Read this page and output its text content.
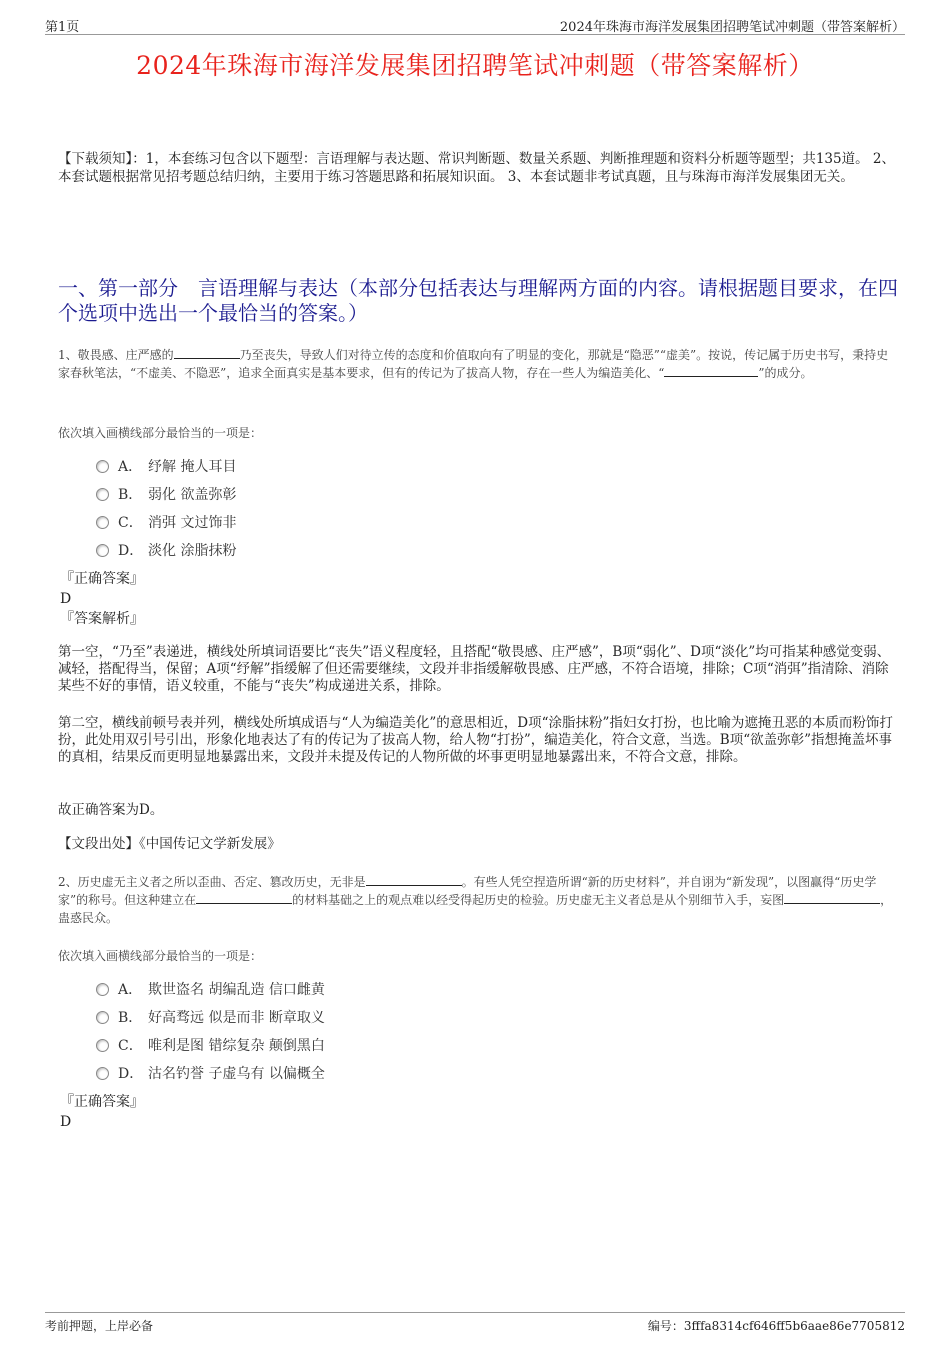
第1页	2024年珠海市海洋发展集团招聘笔试冲刺题（带答案解析）
2024年珠海市海洋发展集团招聘笔试冲刺题（带答案解析）
【下载须知】：1，本套练习包含以下题型：言语理解与表达题、常识判断题、数量关系题、判断推理题和资料分析题等题型；共135道。 2、本套试题根据常见招考题总结归纳，主要用于练习答题思路和拓展知识面。 3、本套试题非考试真题，且与珠海市海洋发展集团无关。
一、第一部分　言语理解与表达（本部分包括表达与理解两方面的内容。请根据题目要求，在四个选项中选出一个最恰当的答案。）
1、敬畏感、庄严感的	乃至丧失，导致人们对待立传的态度和价值取向有了明显的变化，那就是“隐恶”“虚美”。按说，传记属于历史书写，秉持史家春秋笔法，“不虚美、不隐恶”，追求全面真实是基本要求，但有的传记为了拔高人物，存在一些人为编造美化、“	”的成分。
依次填入画横线部分最恰当的一项是：
A． 纾解 掩人耳目
B． 弱化 欲盖弥彰
C． 消弭 文过饰非
D． 淡化 涂脂抹粉
『正确答案』
D
『答案解析』
第一空，“乃至”表递进，横线处所填词语要比“丧失”语义程度轻，且搭配“敬畏感、庄严感”，B项“弱化”、D项“淡化”均可指某种感觉变弱、减轻，搭配得当，保留；A项“纾解”指缓解了但还需要继续，文段并非指缓解敬畏感、庄严感，不符合语境，排除；C项“消弭”指清除、消除某些不好的事情，语义较重，不能与“丧失”构成递进关系，排除。
第二空，横线前顿号表并列，横线处所填成语与“人为编造美化”的意思相近，D项“涂脂抹粉”指妇女打扮，也比喻为遮掩丑恶的本质而粉饰打扮，此处用双引号引出，形象化地表达了有的传记为了拔高人物，给人物“打扮”，编造美化，符合文意，当选。B项“欲盖弥彰”指想掩盖坏事的真相，结果反而更明显地暴露出来，文段并未提及传记的人物所做的坏事更明显地暴露出来，不符合文意，排除。
故正确答案为D。
【文段出处】《中国传记文学新发展》
2、历史虚无主义者之所以歪曲、否定、篡改历史，无非是	。有些人凭空捏造所谓“新的历史材料”，并自诩为“新发现”，以图赢得“历史学家”的称号。但这种建立在	的材料基础之上的观点难以经受得起历史的检验。历史虚无主义者总是从个别细节入手，妄图	，蛊惑民众。
依次填入画横线部分最恰当的一项是：
A． 欺世盗名 胡编乱造 信口雌黄
B． 好高骛远 似是而非 断章取义
C． 唯利是图 错综复杂 颠倒黑白
D． 沽名钓誉 子虚乌有 以偏概全
『正确答案』
D
考前押题，上岸必备	编号：3fffa8314cf646ff5b6aae86e7705812
